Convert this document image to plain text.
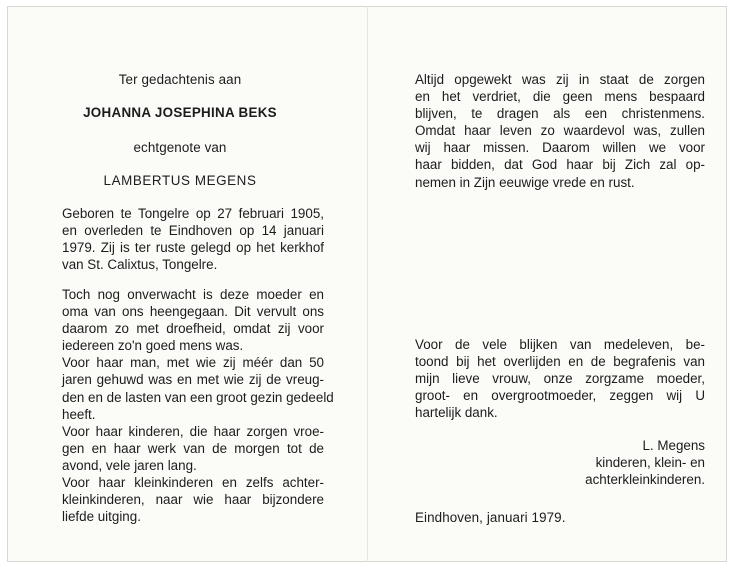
Ter gedachtenis aan
JOHANNA JOSEPHINA BEKS
echtgenote van
LAMBERTUS MEGENS
Geboren te Tongelre op 27 februari 1905,
en overleden te Eindhoven op 14 januari
1979. Zij is ter ruste gelegd op het kerkhof
van St. Calixtus, Tongelre.
Toch nog onverwacht is deze moeder en
oma van ons heengegaan. Dit vervult ons
daarom zo met droefheid, omdat zij voor
iedereen zo'n goed mens was.
Voor haar man, met wie zij méér dan 50
jaren gehuwd was en met wie zij de vreug-
den en de lasten van een groot gezin gedeeld
heeft.
Voor haar kinderen, die haar zorgen vroe-
gen en haar werk van de morgen tot de
avond, vele jaren lang.
Voor haar kleinkinderen en zelfs achter-
kleinkinderen, naar wie haar bijzondere
liefde uitging.
Altijd opgewekt was zij in staat de zorgen
en het verdriet, die geen mens bespaard
blijven, te dragen als een christenmens.
Omdat haar leven zo waardevol was, zullen
wij haar missen. Daarom willen we voor
haar bidden, dat God haar bij Zich zal op-
nemen in Zijn eeuwige vrede en rust.
Voor de vele blijken van medeleven, be-
toond bij het overlijden en de begrafenis van
mijn lieve vrouw, onze zorgzame moeder,
groot- en overgrootmoeder, zeggen wij U
hartelijk dank.
L. Megens
kinderen, klein- en
achterkleinkinderen.
Eindhoven, januari 1979.
